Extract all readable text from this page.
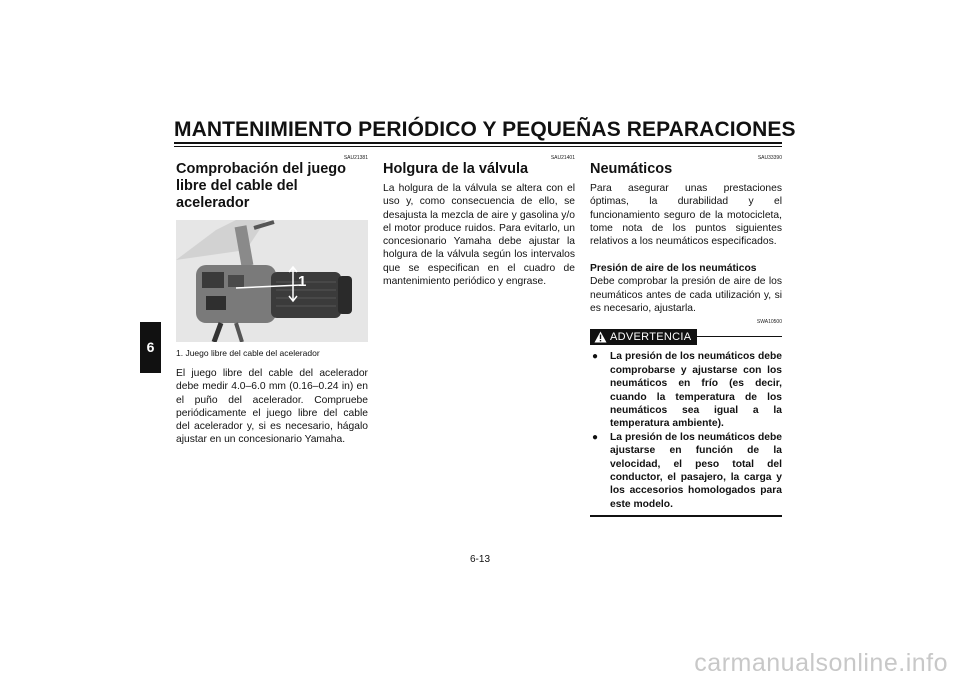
MANTENIMIENTO PERIÓDICO Y PEQUEÑAS REPARACIONES
6
SAU21381
Comprobación del juego libre del cable del acelerador
1
1. Juego libre del cable del acelerador

El juego libre del cable del acelerador debe medir 4.0–6.0 mm (0.16–0.24 in) en el puño del acelerador. Compruebe periódicamente el juego libre del cable del acelerador y, si es necesario, hágalo ajustar en un concesionario Yamaha.

SAU21401
Holgura de la válvula

La holgura de la válvula se altera con el uso y, como consecuencia de ello, se desajusta la mezcla de aire y gasolina y/o el motor produce ruidos. Para evitarlo, un concesionario Yamaha debe ajustar la holgura de la válvula según los intervalos que se especifican en el cuadro de mantenimiento periódico y engrase.

SAU33390
Neumáticos

Para asegurar unas prestaciones óptimas, la durabilidad y el funcionamiento seguro de la motocicleta, tome nota de los puntos siguientes relativos a los neumáticos especificados.

Presión de aire de los neumáticos

Debe comprobar la presión de aire de los neumáticos antes de cada utilización y, si es necesario, ajustarla.

SWA10500
ADVERTENCIA
● La presión de los neumáticos debe comprobarse y ajustarse con los neumáticos en frío (es decir, cuando la temperatura de los neumáticos sea igual a la temperatura ambiente).
● La presión de los neumáticos debe ajustarse en función de la velocidad, el peso total del conductor, el pasajero, la carga y los accesorios homologados para este modelo.
6-13
carmanualsonline.info
